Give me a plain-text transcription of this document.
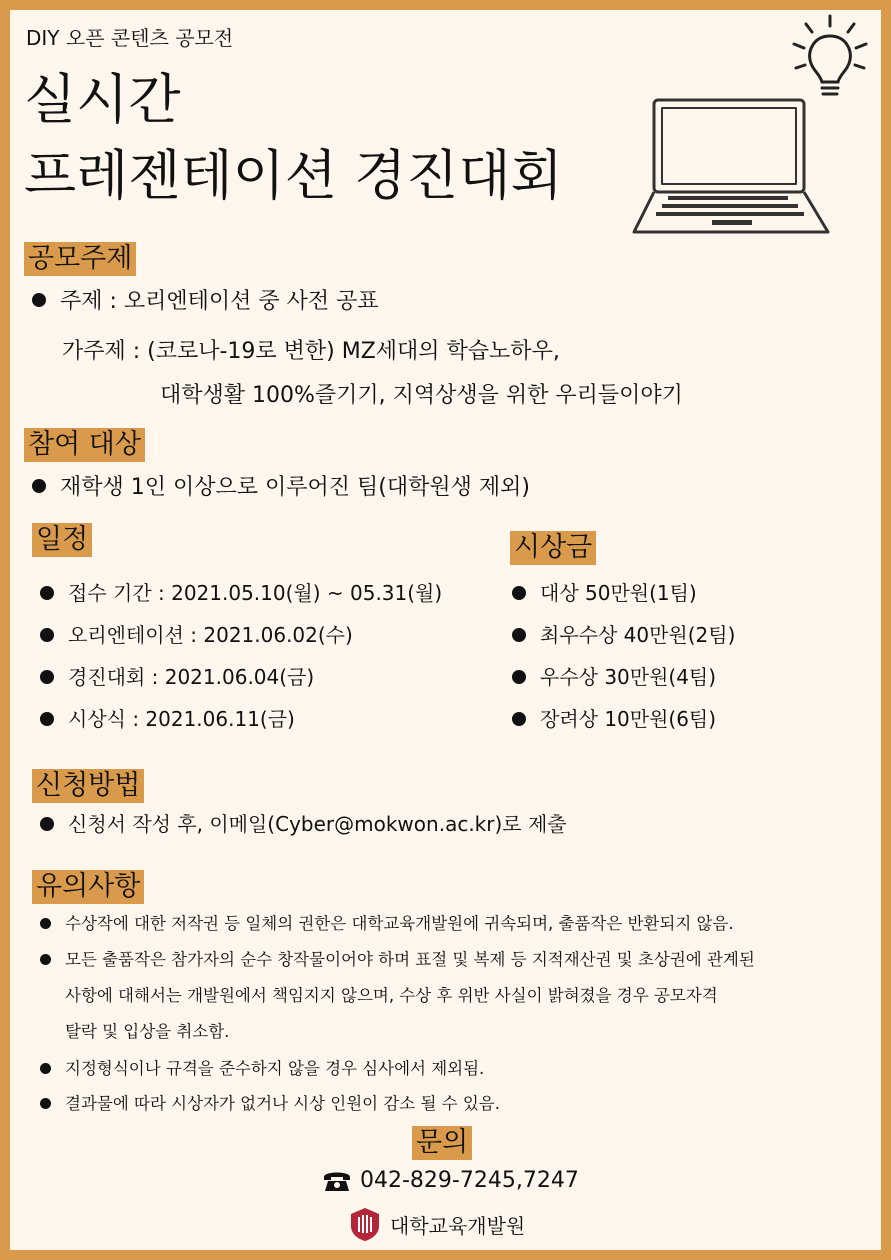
DIY 오픈 콘텐츠 공모전
실시간
프레젠테이션 경진대회
공모주제
주제 : 오리엔테이션 중 사전 공표
가주제 : (코로나-19로 변한) MZ세대의 학습노하우,
대학생활 100%즐기기, 지역상생을 위한 우리들이야기
참여 대상
재학생 1인 이상으로 이루어진 팀(대학원생 제외)
일정
접수 기간 : 2021.05.10(월) ~ 05.31(월)
오리엔테이션 : 2021.06.02(수)
경진대회 : 2021.06.04(금)
시상식 : 2021.06.11(금)
시상금
대상 50만원(1팀)
최우수상 40만원(2팀)
우수상 30만원(4팀)
장려상 10만원(6팀)
신청방법
신청서 작성 후, 이메일(Cyber@mokwon.ac.kr)로 제출
유의사항
수상작에 대한 저작권 등 일체의 권한은 대학교육개발원에 귀속되며, 출품작은 반환되지 않음.
모든 출품작은 참가자의 순수 창작물이어야 하며 표절 및 복제 등 지적재산권 및 초상권에 관계된
사항에 대해서는 개발원에서 책임지지 않으며, 수상 후 위반 사실이 밝혀졌을 경우 공모자격
탈락 및 입상을 취소함.
지정형식이나 규격을 준수하지 않을 경우 심사에서 제외됨.
결과물에 따라 시상자가 없거나 시상 인원이 감소 될 수 있음.
문의
042-829-7245,7247
대학교육개발원
